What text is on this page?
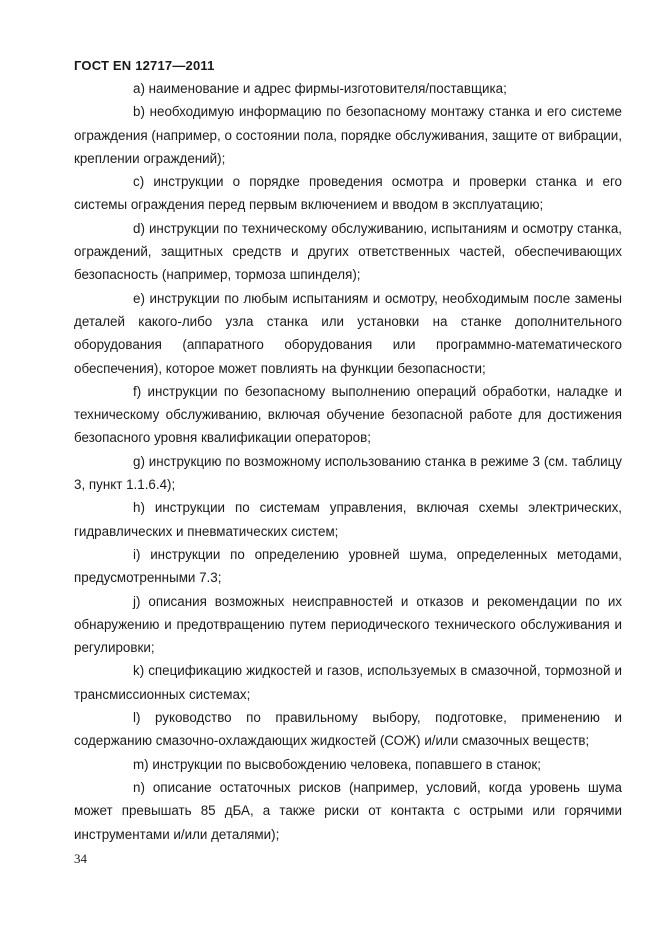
ГОСТ EN 12717—2011

а) наименование и адрес фирмы-изготовителя/поставщика;

b) необходимую информацию по безопасному монтажу станка и его системе ограждения (например, о состоянии пола, порядке обслуживания, защите от вибрации, креплении ограждений);

с) инструкции о порядке проведения осмотра и проверки станка и его системы ограждения перед первым включением и вводом в эксплуатацию;

d) инструкции по техническому обслуживанию, испытаниям и осмотру станка, ограждений, защитных средств и других ответственных частей, обеспечивающих безопасность (например, тормоза шпинделя);

е) инструкции по любым испытаниям и осмотру, необходимым после замены деталей какого-либо узла станка или установки на станке дополнительного оборудования (аппаратного оборудования или программно-математического обеспечения), которое может повлиять на функции безопасности;

f) инструкции по безопасному выполнению операций обработки, наладке и техническому обслуживанию, включая обучение безопасной работе для достижения безопасного уровня квалификации операторов;

g) инструкцию по возможному использованию станка в режиме 3 (см. таблицу 3, пункт 1.1.6.4);

h) инструкции по системам управления, включая схемы электрических, гидравлических и пневматических систем;

i) инструкции по определению уровней шума, определенных методами, предусмотренными 7.3;

j) описания возможных неисправностей и отказов и рекомендации по их обнаружению и предотвращению путем периодического технического обслуживания и регулировки;

k) спецификацию жидкостей и газов, используемых в смазочной, тормозной и трансмиссионных системах;

l) руководство по правильному выбору, подготовке, применению и содержанию смазочно-охлаждающих жидкостей (СОЖ) и/или смазочных веществ;

m) инструкции по высвобождению человека, попавшего в станок;

n) описание остаточных рисков (например, условий, когда уровень шума может превышать 85 дБА, а также риски от контакта с острыми или горячими инструментами и/или деталями);

34
